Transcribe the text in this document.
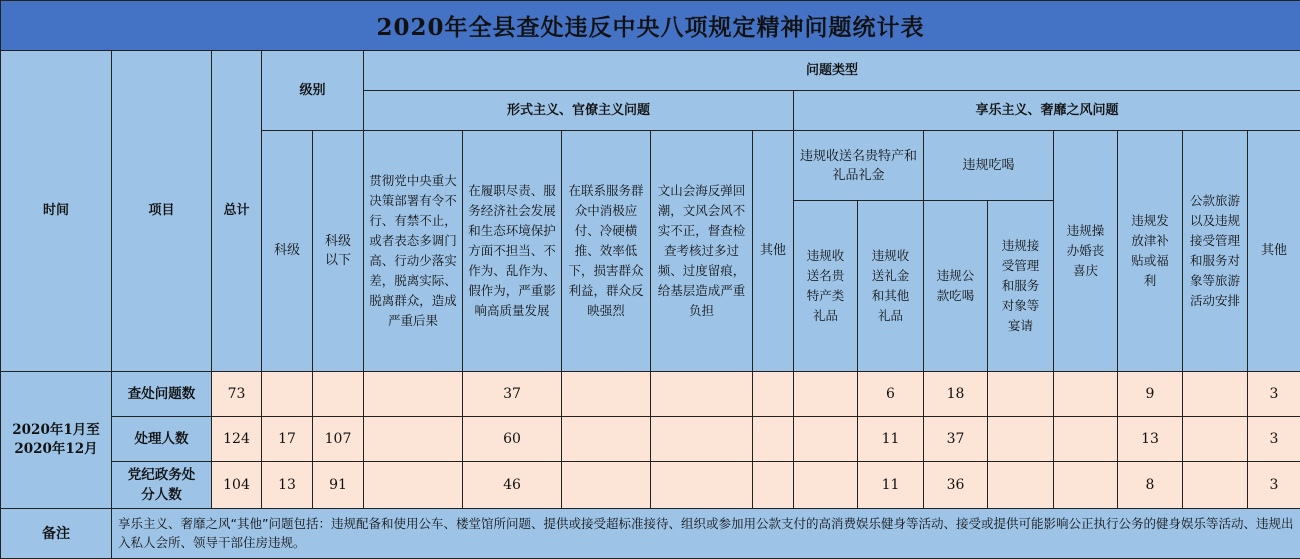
2020年全县查处违反中央八项规定精神问题统计表																	
时间	项目	总计	级别		问题类型												
					形式主义、官僚主义问题					享乐主义、奢靡之风问题							
			科级	科级以下	贯彻党中央重大决策部署有令不行、有禁不止，或者表态多调门高、行动少落实差，脱离实际、脱离群众，造成严重后果	在履职尽责、服务经济社会发展和生态环境保护方面不担当、不作为、乱作为、假作为，严重影响高质量发展	在联系服务群众中消极应付、冷硬横推、效率低下，损害群众利益，群众反映强烈	文山会海反弹回潮，文风会风不实不正，督查检查考核过多过频、过度留痕，给基层造成严重负担	其他	违规收送名贵特产和礼品礼金		违规吃喝		违规操办婚丧喜庆	违规发放津补贴或福利	公款旅游以及违规接受管理和服务对象等旅游活动安排	其他

										违规收送名贵特产类礼品	违规收送礼金和其他礼品	违规公款吃喝	违规接受管理和服务对象等宴请				
2020年1月至2020年12月	查处问题数	73				37					6	18			9		3
	处理人数	124	17	107		60					11	37			13		3
	党纪政务处分人数	104	13	91		46					11	36			8		3
备注	享乐主义、奢靡之风“其他”问题包括：违规配备和使用公车、楼堂馆所问题、提供或接受超标准接待、组织或参加用公款支付的高消费娱乐健身等活动、接受或提供可能影响公正执行公务的健身娱乐等活动、违规出入私人会所、领导干部住房违规。																
